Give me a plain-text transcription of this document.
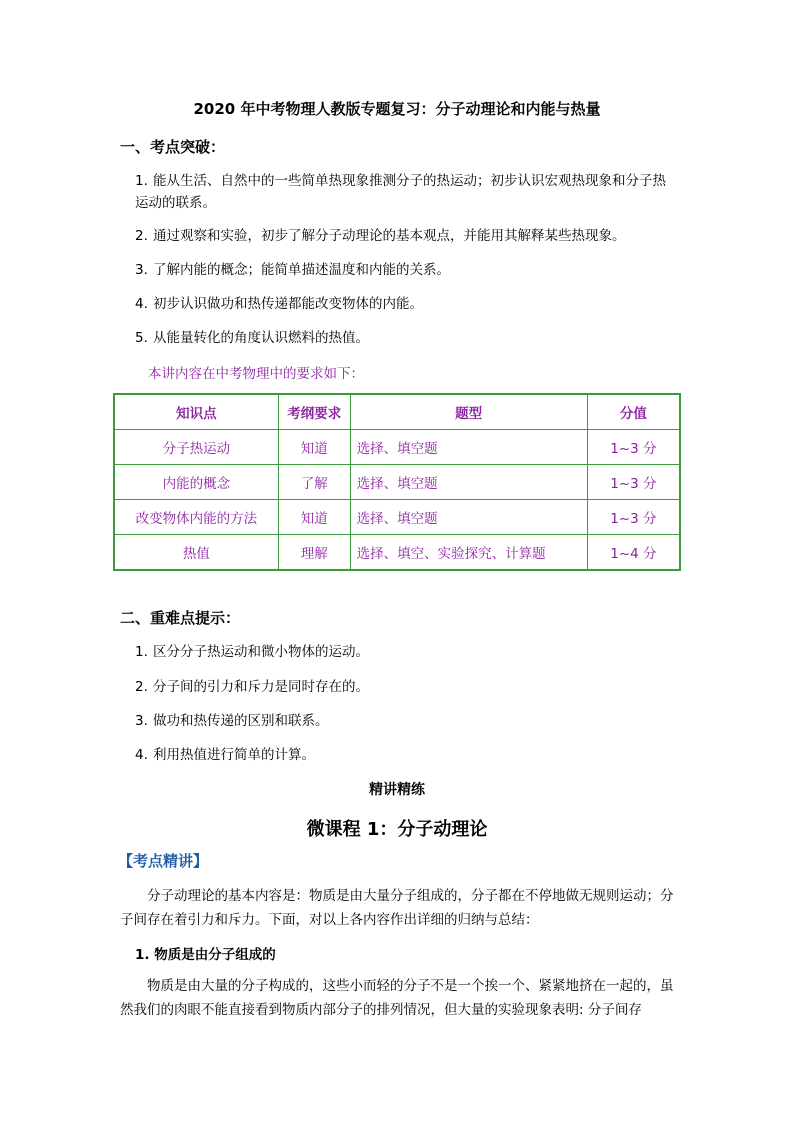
2020 年中考物理人教版专题复习：分子动理论和内能与热量
一、考点突破：
1. 能从生活、自然中的一些简单热现象推测分子的热运动；初步认识宏观热现象和分子热运动的联系。
2. 通过观察和实验，初步了解分子动理论的基本观点，并能用其解释某些热现象。
3. 了解内能的概念；能简单描述温度和内能的关系。
4. 初步认识做功和热传递都能改变物体的内能。
5. 从能量转化的角度认识燃料的热值。
本讲内容在中考物理中的要求如下：
知识点	考纲要求	题型	分值
分子热运动	知道	选择、填空题	1~3 分
内能的概念	了解	选择、填空题	1~3 分
改变物体内能的方法	知道	选择、填空题	1~3 分
热值	理解	选择、填空、实验探究、计算题	1~4 分
二、重难点提示：
1. 区分分子热运动和微小物体的运动。
2. 分子间的引力和斥力是同时存在的。
3. 做功和热传递的区别和联系。
4. 利用热值进行简单的计算。
精讲精练
微课程 1：分子动理论
【考点精讲】
分子动理论的基本内容是：物质是由大量分子组成的，分子都在不停地做无规则运动；分子间存在着引力和斥力。下面，对以上各内容作出详细的归纳与总结：
1. 物质是由分子组成的
物质是由大量的分子构成的，这些小而轻的分子不是一个挨一个、紧紧地挤在一起的，虽然我们的肉眼不能直接看到物质内部分子的排列情况，但大量的实验现象表明: 分子间存
